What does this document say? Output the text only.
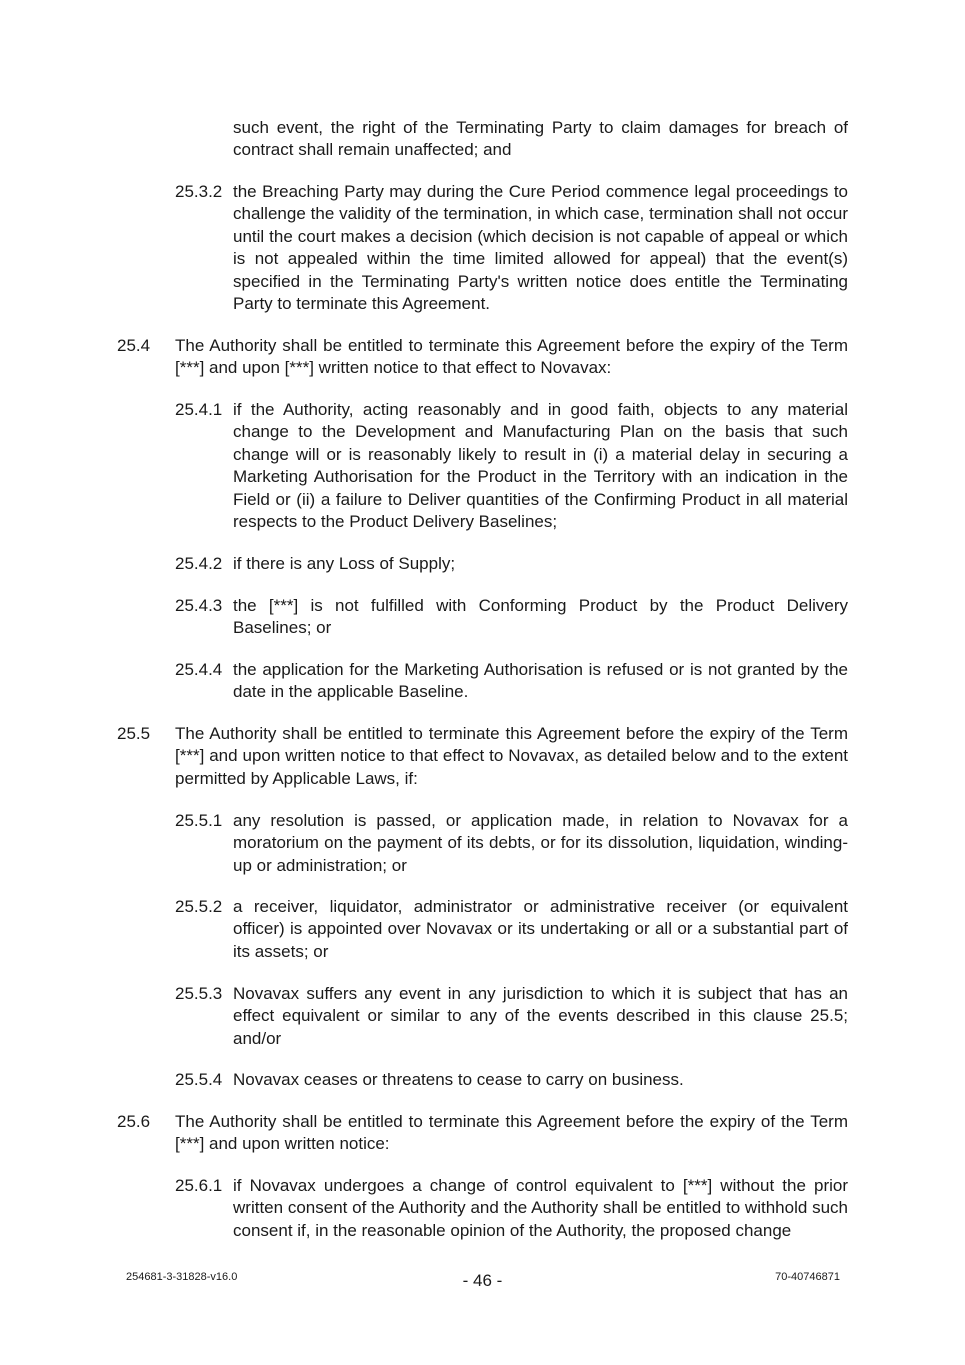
such event, the right of the Terminating Party to claim damages for breach of contract shall remain unaffected; and
25.3.2 the Breaching Party may during the Cure Period commence legal proceedings to challenge the validity of the termination, in which case, termination shall not occur until the court makes a decision (which decision is not capable of appeal or which is not appealed within the time limited allowed for appeal) that the event(s) specified in the Terminating Party's written notice does entitle the Terminating Party to terminate this Agreement.
25.4 The Authority shall be entitled to terminate this Agreement before the expiry of the Term [***] and upon [***] written notice to that effect to Novavax:
25.4.1 if the Authority, acting reasonably and in good faith, objects to any material change to the Development and Manufacturing Plan on the basis that such change will or is reasonably likely to result in (i) a material delay in securing a Marketing Authorisation for the Product in the Territory with an indication in the Field or (ii) a failure to Deliver quantities of the Confirming Product in all material respects to the Product Delivery Baselines;
25.4.2 if there is any Loss of Supply;
25.4.3 the [***] is not fulfilled with Conforming Product by the Product Delivery Baselines; or
25.4.4 the application for the Marketing Authorisation is refused or is not granted by the date in the applicable Baseline.
25.5 The Authority shall be entitled to terminate this Agreement before the expiry of the Term [***] and upon written notice to that effect to Novavax, as detailed below and to the extent permitted by Applicable Laws, if:
25.5.1 any resolution is passed, or application made, in relation to Novavax for a moratorium on the payment of its debts, or for its dissolution, liquidation, winding-up or administration; or
25.5.2 a receiver, liquidator, administrator or administrative receiver (or equivalent officer) is appointed over Novavax or its undertaking or all or a substantial part of its assets; or
25.5.3 Novavax suffers any event in any jurisdiction to which it is subject that has an effect equivalent or similar to any of the events described in this clause 25.5; and/or
25.5.4 Novavax ceases or threatens to cease to carry on business.
25.6 The Authority shall be entitled to terminate this Agreement before the expiry of the Term [***] and upon written notice:
25.6.1 if Novavax undergoes a change of control equivalent to [***] without the prior written consent of the Authority and the Authority shall be entitled to withhold such consent if, in the reasonable opinion of the Authority, the proposed change
254681-3-31828-v16.0	- 46 -	70-40746871
